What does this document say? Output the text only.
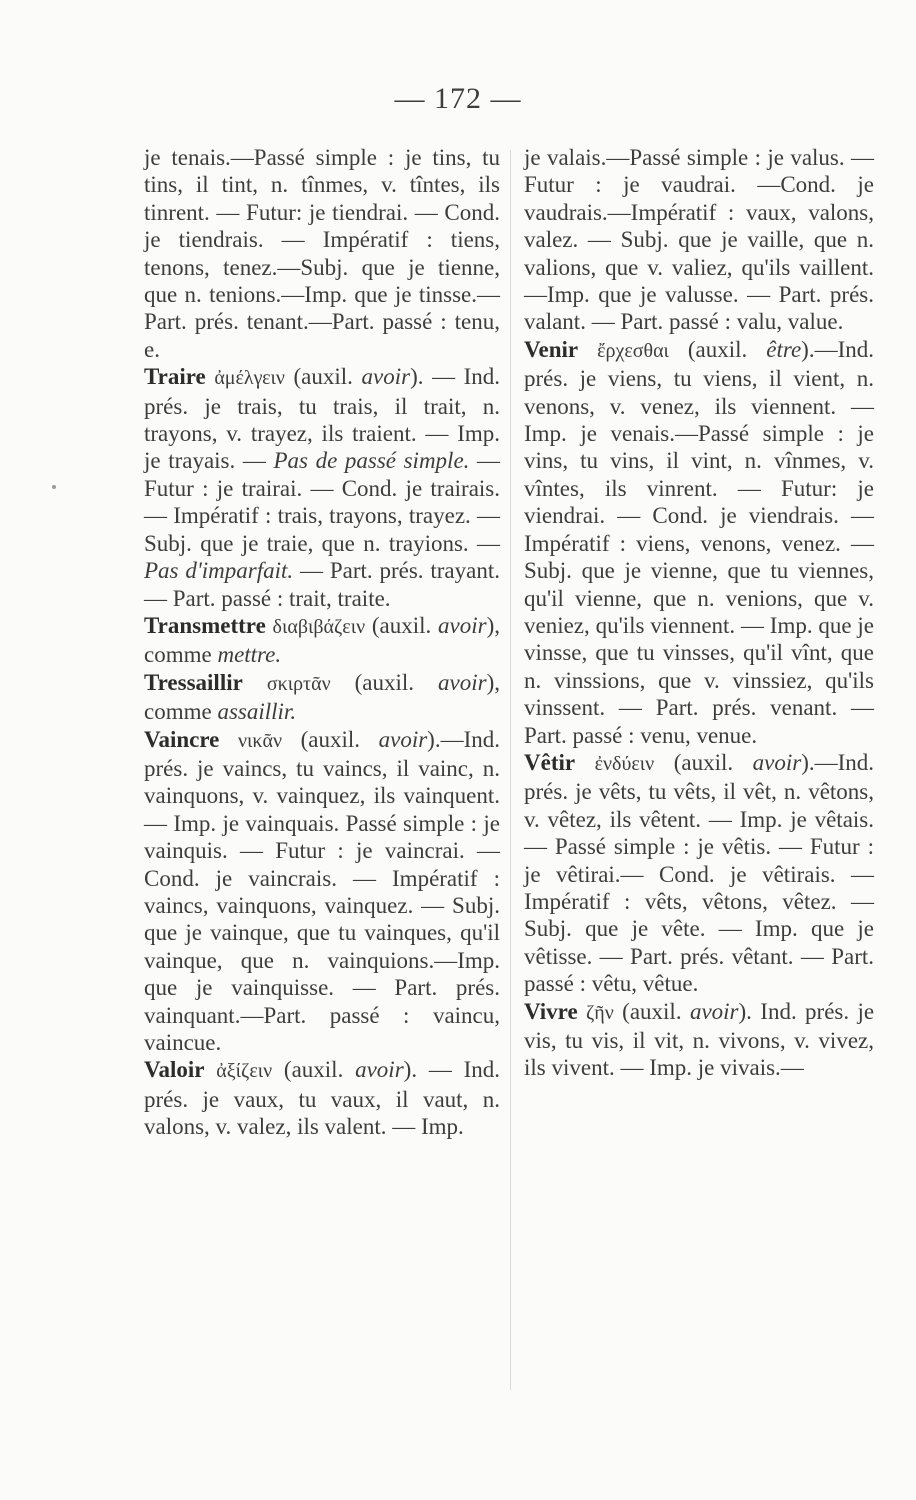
— 172 —

je tenais.—Passé simple : je tins, tu tins, il tint, n. tînmes, v. tîntes, ils tinrent. — Futur: je tiendrai. — Cond. je tiendrais. — Impératif : tiens, tenons, tenez.—Subj. que je tienne, que n. tenions.—Imp. que je tinsse.—Part. prés. tenant.—Part. passé : tenu, e.

Traire ἀμέλγειν (auxil. avoir). — Ind. prés. je trais, tu trais, il trait, n. trayons, v. trayez, ils traient. — Imp. je trayais. — Pas de passé simple. — Futur : je trairai. — Cond. je trairais. — Impératif : trais, trayons, trayez. — Subj. que je traie, que n. trayions. — Pas d'imparfait. — Part. prés. trayant. — Part. passé : trait, traite.

Transmettre διαβιβάζειν (auxil. avoir), comme mettre.

Tressaillir σκιρτᾶν (auxil. avoir), comme assaillir.

Vaincre νικᾶν (auxil. avoir).—Ind. prés. je vaincs, tu vaincs, il vainc, n. vainquons, v. vainquez, ils vainquent. — Imp. je vainquais. Passé simple : je vainquis. — Futur : je vaincrai. — Cond. je vaincrais. — Impératif : vaincs, vainquons, vainquez. — Subj. que je vainque, que tu vainques, qu'il vainque, que n. vainquions.—Imp. que je vainquisse. — Part. prés. vainquant.—Part. passé : vaincu, vaincue.

Valoir ἀξίζειν (auxil. avoir). — Ind. prés. je vaux, tu vaux, il vaut, n. valons, v. valez, ils valent. — Imp.

je valais.—Passé simple : je valus. — Futur : je vaudrai. —Cond. je vaudrais.—Impératif : vaux, valons, valez. — Subj. que je vaille, que n. valions, que v. valiez, qu'ils vaillent.—Imp. que je valusse. — Part. prés. valant. — Part. passé : valu, value.

Venir ἔρχεσθαι (auxil. être).—Ind. prés. je viens, tu viens, il vient, n. venons, v. venez, ils viennent. — Imp. je venais.—Passé simple : je vins, tu vins, il vint, n. vînmes, v. vîntes, ils vinrent. — Futur: je viendrai. — Cond. je viendrais. — Impératif : viens, venons, venez. — Subj. que je vienne, que tu viennes, qu'il vienne, que n. venions, que v. veniez, qu'ils viennent. — Imp. que je vinsse, que tu vinsses, qu'il vînt, que n. vinssions, que v. vinssiez, qu'ils vinssent. — Part. prés. venant. — Part. passé : venu, venue.

Vêtir ἐνδύειν (auxil. avoir).—Ind. prés. je vêts, tu vêts, il vêt, n. vêtons, v. vêtez, ils vêtent. — Imp. je vêtais. — Passé simple : je vêtis. — Futur : je vêtirai.— Cond. je vêtirais. — Impératif : vêts, vêtons, vêtez. — Subj. que je vête. — Imp. que je vêtisse. — Part. prés. vêtant. — Part. passé : vêtu, vêtue.

Vivre ζῆν (auxil. avoir). Ind. prés. je vis, tu vis, il vit, n. vivons, v. vivez, ils vivent. — Imp. je vivais.—
